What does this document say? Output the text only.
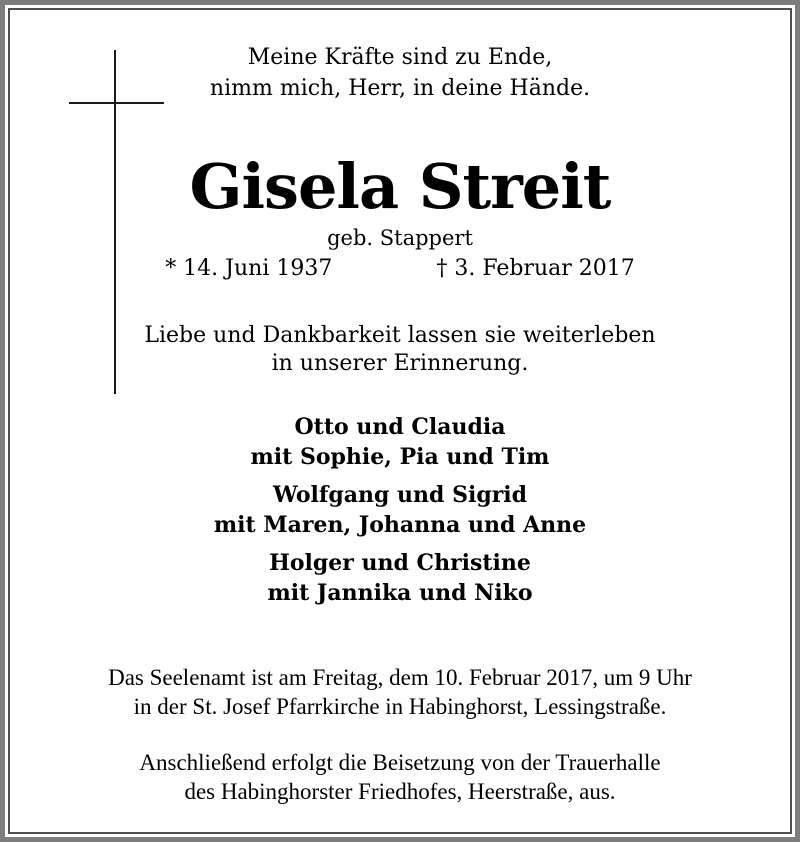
Meine Kräfte sind zu Ende,
nimm mich, Herr, in deine Hände.
Gisela Streit
geb. Stappert
* 14. Juni 1937	† 3. Februar 2017
Liebe und Dankbarkeit lassen sie weiterleben
in unserer Erinnerung.
Otto und Claudia
mit Sophie, Pia und Tim
Wolfgang und Sigrid
mit Maren, Johanna und Anne
Holger und Christine
mit Jannika und Niko
Das Seelenamt ist am Freitag, dem 10. Februar 2017, um 9 Uhr
in der St. Josef Pfarrkirche in Habinghorst, Lessingstraße.
Anschließend erfolgt die Beisetzung von der Trauerhalle
des Habinghorster Friedhofes, Heerstraße, aus.
